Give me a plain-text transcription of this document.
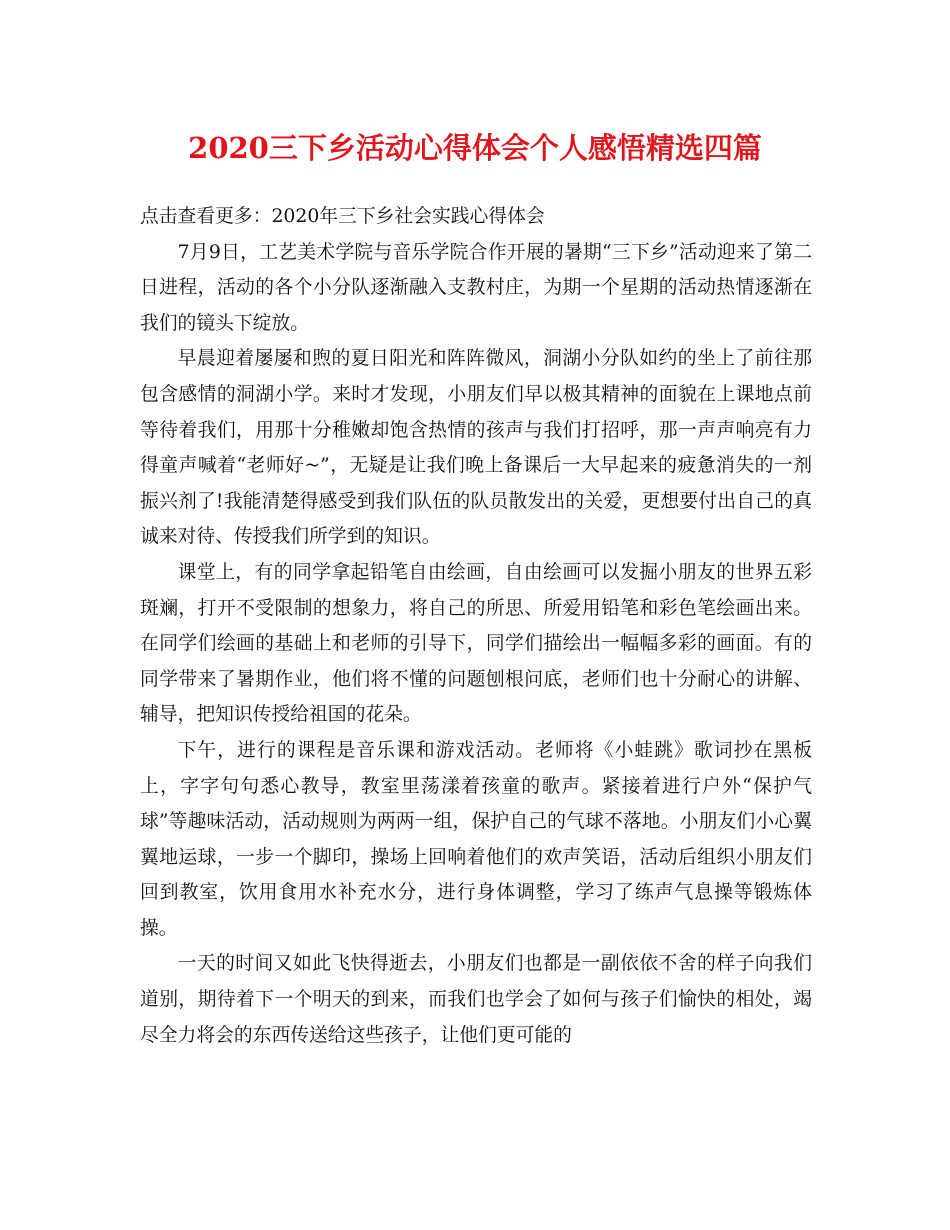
2020三下乡活动心得体会个人感悟精选四篇

点击查看更多：2020年三下乡社会实践心得体会

7月9日，工艺美术学院与音乐学院合作开展的暑期“三下乡”活动迎来了第二日进程，活动的各个小分队逐渐融入支教村庄，为期一个星期的活动热情逐渐在我们的镜头下绽放。

早晨迎着屡屡和煦的夏日阳光和阵阵微风，洞湖小分队如约的坐上了前往那包含感情的洞湖小学。来时才发现，小朋友们早以极其精神的面貌在上课地点前等待着我们，用那十分稚嫩却饱含热情的孩声与我们打招呼，那一声声响亮有力得童声喊着“老师好~”，无疑是让我们晚上备课后一大早起来的疲惫消失的一剂振兴剂了!我能清楚得感受到我们队伍的队员散发出的关爱，更想要付出自己的真诚来对待、传授我们所学到的知识。

课堂上，有的同学拿起铅笔自由绘画，自由绘画可以发掘小朋友的世界五彩斑斓，打开不受限制的想象力，将自己的所思、所爱用铅笔和彩色笔绘画出来。在同学们绘画的基础上和老师的引导下，同学们描绘出一幅幅多彩的画面。有的同学带来了暑期作业，他们将不懂的问题刨根问底，老师们也十分耐心的讲解、辅导，把知识传授给祖国的花朵。

下午，进行的课程是音乐课和游戏活动。老师将《小蛙跳》歌词抄在黑板上，字字句句悉心教导，教室里荡漾着孩童的歌声。紧接着进行户外“保护气球”等趣味活动，活动规则为两两一组，保护自己的气球不落地。小朋友们小心翼翼地运球，一步一个脚印，操场上回响着他们的欢声笑语，活动后组织小朋友们回到教室，饮用食用水补充水分，进行身体调整，学习了练声气息操等锻炼体操。

一天的时间又如此飞快得逝去，小朋友们也都是一副依依不舍的样子向我们道别，期待着下一个明天的到来，而我们也学会了如何与孩子们愉快的相处，竭尽全力将会的东西传送给这些孩子，让他们更可能的
